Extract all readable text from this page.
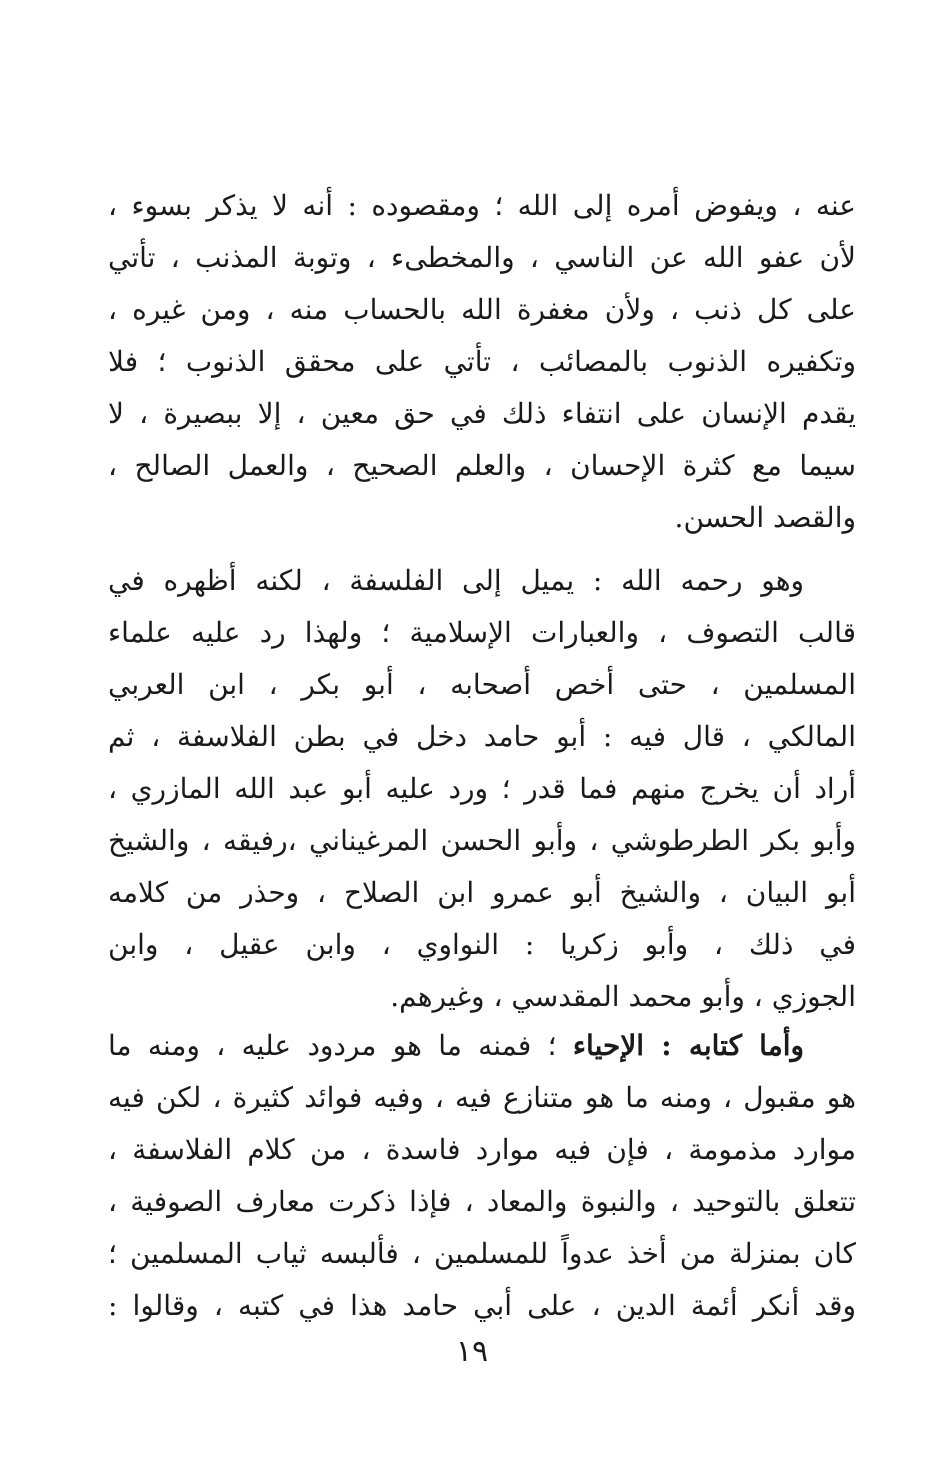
عنه ، ويفوض أمره إلى الله ؛ ومقصوده : أنه لا يذكر بسوء ،
لأن عفو الله عن الناسي ، والمخطىء ، وتوبة المذنب ، تأتي
على كل ذنب ، ولأن مغفرة الله بالحساب منه ، ومن غيره ،
وتكفيره الذنوب بالمصائب ، تأتي على محقق الذنوب ؛ فلا
يقدم الإنسان على انتفاء ذلك في حق معين ، إلا ببصيرة ، لا
سيما مع كثرة الإحسان ، والعلم الصحيح ، والعمل الصالح ،
والقصد الحسن.
وهو رحمه الله : يميل إلى الفلسفة ، لكنه أظهره في
قالب التصوف ، والعبارات الإسلامية ؛ ولهذا رد عليه علماء
المسلمين ، حتى أخص أصحابه ، أبو بكر ، ابن العربي
المالكي ، قال فيه : أبو حامد دخل في بطن الفلاسفة ، ثم
أراد أن يخرج منهم فما قدر ؛ ورد عليه أبو عبد الله المازري ،
وأبو بكر الطرطوشي ، وأبو الحسن المرغيناني ،رفيقه ، والشيخ
أبو البيان ، والشيخ أبو عمرو ابن الصلاح ، وحذر من كلامه
في ذلك ، وأبو زكريا : النواوي ، وابن عقيل ، وابن
الجوزي ، وأبو محمد المقدسي ، وغيرهم.
وأما كتابه : الإحياء ؛ فمنه ما هو مردود عليه ، ومنه ما
هو مقبول ، ومنه ما هو متنازع فيه ، وفيه فوائد كثيرة ، لكن فيه
موارد مذمومة ، فإن فيه موارد فاسدة ، من كلام الفلاسفة ،
تتعلق بالتوحيد ، والنبوة والمعاد ، فإذا ذكرت معارف الصوفية ،
كان بمنزلة من أخذ عدواً للمسلمين ، فألبسه ثياب المسلمين ؛
وقد أنكر أئمة الدين ، على أبي حامد هذا في كتبه ، وقالوا :
١٩
